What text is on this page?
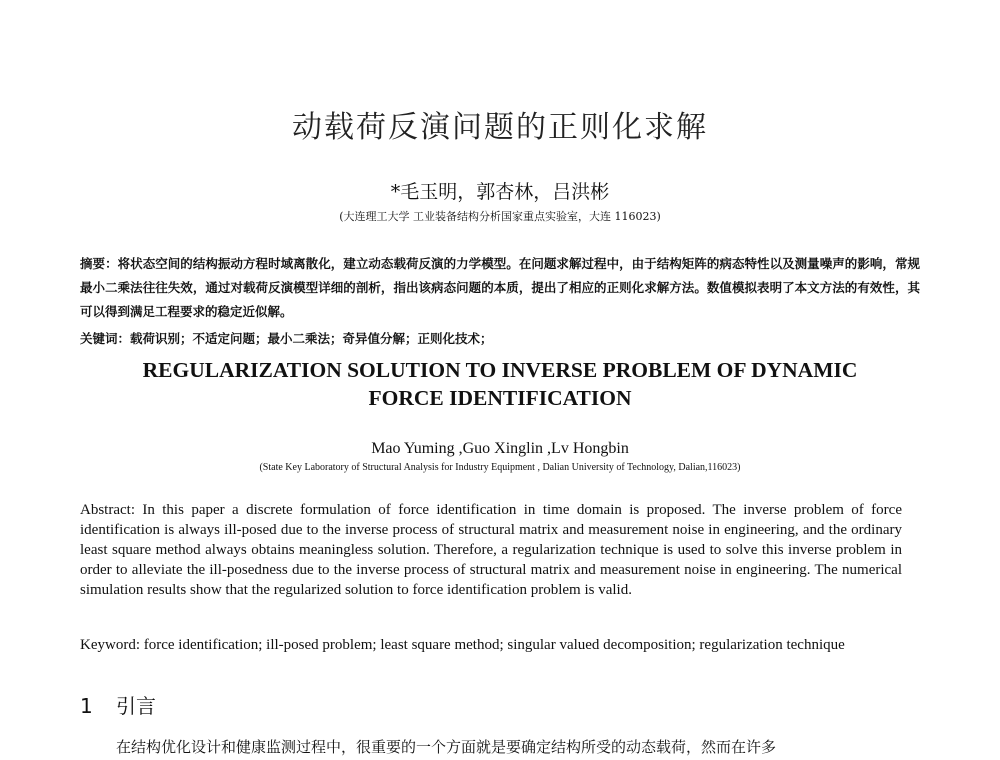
动载荷反演问题的正则化求解
*毛玉明，郭杏林，吕洪彬
(大连理工大学 工业装备结构分析国家重点实验室，大连 116023)
摘要：将状态空间的结构振动方程时域离散化，建立动态载荷反演的力学模型。在问题求解过程中，由于结构矩阵的病态特性以及测量噪声的影响，常规最小二乘法往往失效，通过对载荷反演模型详细的剖析，指出该病态问题的本质，提出了相应的正则化求解方法。数值模拟表明了本文方法的有效性，其可以得到满足工程要求的稳定近似解。
关键词：载荷识别；不适定问题；最小二乘法；奇异值分解；正则化技术；
REGULARIZATION SOLUTION TO INVERSE PROBLEM OF DYNAMIC
FORCE IDENTIFICATION
Mao Yuming ,Guo Xinglin ,Lv Hongbin
(State Key Laboratory of Structural Analysis for Industry Equipment , Dalian University of Technology, Dalian,116023)
Abstract: In this paper a discrete formulation of force identification in time domain is proposed. The inverse problem of force identification is always ill-posed due to the inverse process of structural matrix and measurement noise in engineering, and the ordinary least square method always obtains meaningless solution. Therefore, a regularization technique is used to solve this inverse problem in order to alleviate the ill-posedness due to the inverse process of structural matrix and measurement noise in engineering. The numerical simulation results show that the regularized solution to force identification problem is valid.
Keyword: force identification; ill-posed problem; least square method; singular valued decomposition; regularization technique
1 引言
在结构优化设计和健康监测过程中，很重要的一个方面就是要确定结构所受的动态载荷，然而在许多
